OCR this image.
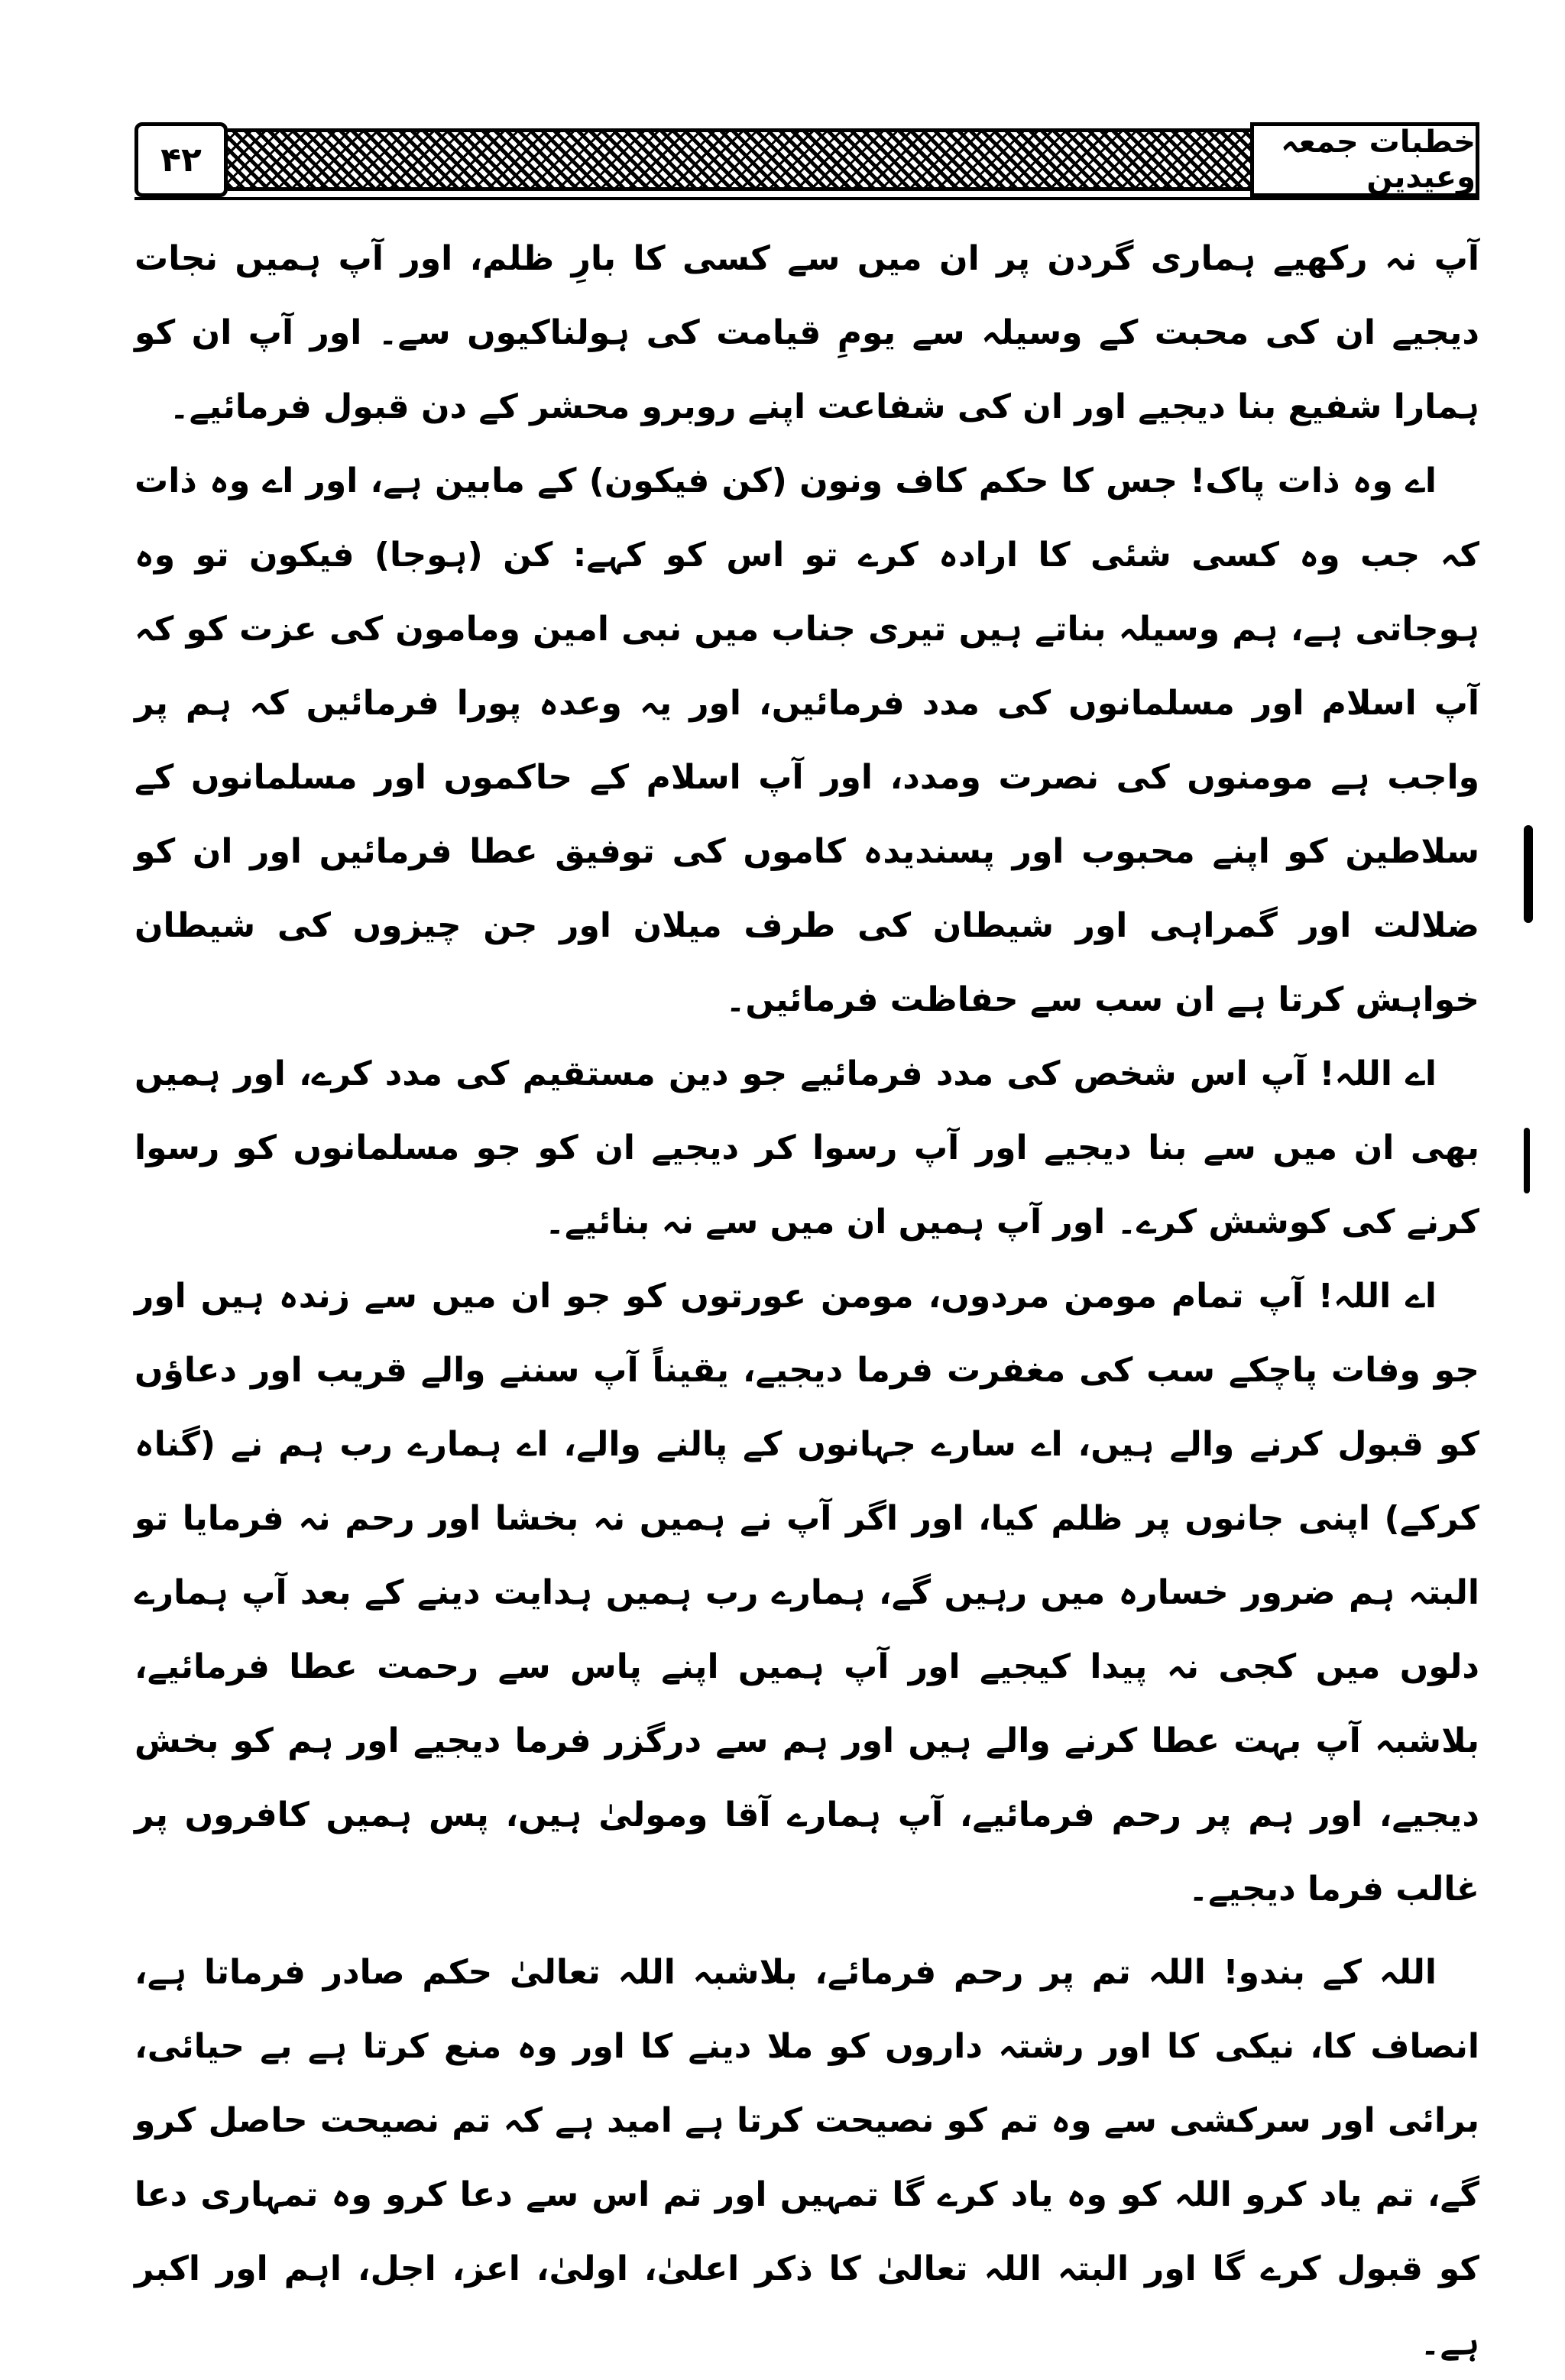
۴۲	خطبات جمعہ وعیدین

آپ نہ رکھیے ہماری گردن پر ان میں سے کسی کا بارِ ظلم، اور آپ ہمیں نجات دیجیے ان کی محبت کے وسیلہ سے یومِ قیامت کی ہولناکیوں سے۔ اور آپ ان کو ہمارا شفیع بنا دیجیے اور ان کی شفاعت اپنے روبرو محشر کے دن قبول فرمائیے۔

اے وہ ذات پاک! جس کا حکم کاف ونون (کن فیکون) کے مابین ہے، اور اے وہ ذات کہ جب وہ کسی شئی کا ارادہ کرے تو اس کو کہے: کن (ہوجا) فیکون تو وہ ہوجاتی ہے، ہم وسیلہ بناتے ہیں تیری جناب میں نبی امین ومامون کی عزت کو کہ آپ اسلام اور مسلمانوں کی مدد فرمائیں، اور یہ وعدہ پورا فرمائیں کہ ہم پر واجب ہے مومنوں کی نصرت ومدد، اور آپ اسلام کے حاکموں اور مسلمانوں کے سلاطین کو اپنے محبوب اور پسندیدہ کاموں کی توفیق عطا فرمائیں اور ان کو ضلالت اور گمراہی اور شیطان کی طرف میلان اور جن چیزوں کی شیطان خواہش کرتا ہے ان سب سے حفاظت فرمائیں۔

اے اللہ! آپ اس شخص کی مدد فرمائیے جو دین مستقیم کی مدد کرے، اور ہمیں بھی ان میں سے بنا دیجیے اور آپ رسوا کر دیجیے ان کو جو مسلمانوں کو رسوا کرنے کی کوشش کرے۔ اور آپ ہمیں ان میں سے نہ بنائیے۔

اے اللہ! آپ تمام مومن مردوں، مومن عورتوں کو جو ان میں سے زندہ ہیں اور جو وفات پاچکے سب کی مغفرت فرما دیجیے، یقیناً آپ سننے والے قریب اور دعاؤں کو قبول کرنے والے ہیں، اے سارے جہانوں کے پالنے والے، اے ہمارے رب ہم نے (گناہ کرکے) اپنی جانوں پر ظلم کیا، اور اگر آپ نے ہمیں نہ بخشا اور رحم نہ فرمایا تو البتہ ہم ضرور خسارہ میں رہیں گے، ہمارے رب ہمیں ہدایت دینے کے بعد آپ ہمارے دلوں میں کجی نہ پیدا کیجیے اور آپ ہمیں اپنے پاس سے رحمت عطا فرمائیے، بلاشبہ آپ بہت عطا کرنے والے ہیں اور ہم سے درگزر فرما دیجیے اور ہم کو بخش دیجیے، اور ہم پر رحم فرمائیے، آپ ہمارے آقا ومولیٰ ہیں، پس ہمیں کافروں پر غالب فرما دیجیے۔

اللہ کے بندو! اللہ تم پر رحم فرمائے، بلاشبہ اللہ تعالیٰ حکم صادر فرماتا ہے، انصاف کا، نیکی کا اور رشتہ داروں کو ملا دینے کا اور وہ منع کرتا ہے بے حیائی، برائی اور سرکشی سے وہ تم کو نصیحت کرتا ہے امید ہے کہ تم نصیحت حاصل کرو گے، تم یاد کرو اللہ کو وہ یاد کرے گا تمہیں اور تم اس سے دعا کرو وہ تمہاری دعا کو قبول کرے گا اور البتہ اللہ تعالیٰ کا ذکر اعلیٰ، اولیٰ، اعز، اجل، اہم اور اکبر ہے۔
